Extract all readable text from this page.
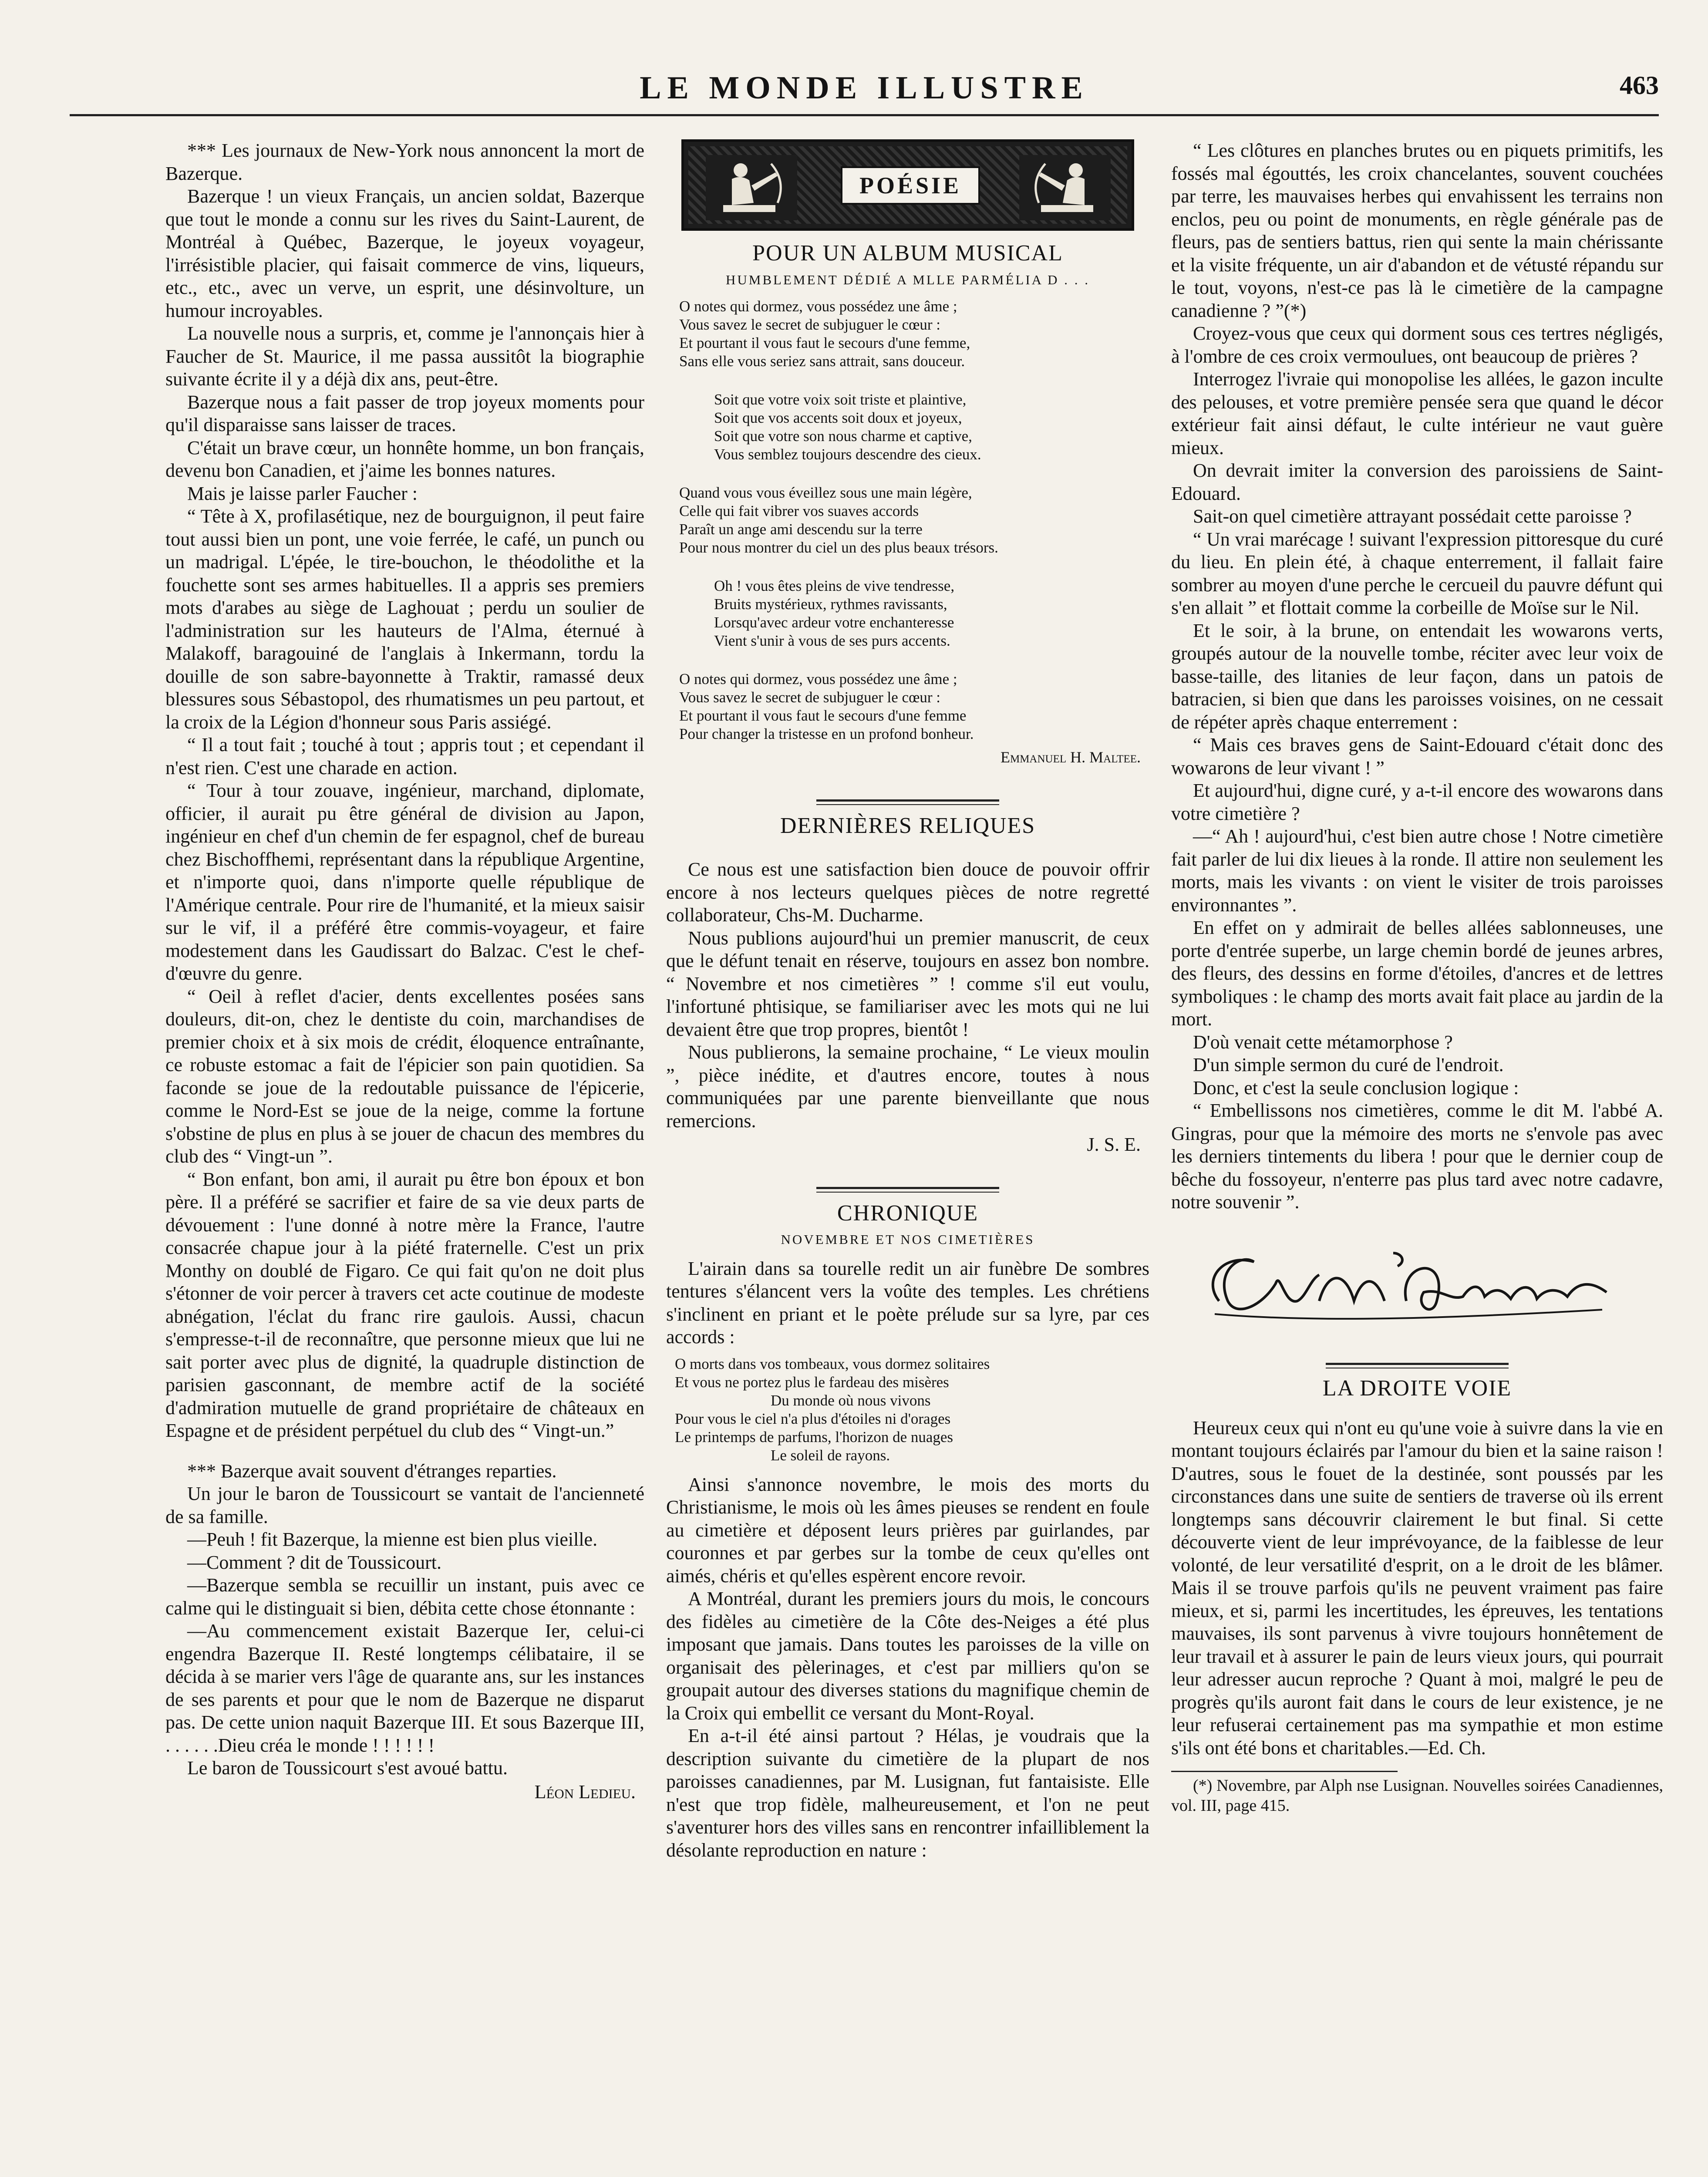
LE MONDE ILLUSTRE	463

*** Les journaux de New-York nous annoncent la mort de Bazerque.

Bazerque ! un vieux Français, un ancien soldat, Bazerque que tout le monde a connu sur les rives du Saint-Laurent, de Montréal à Québec, Bazerque, le joyeux voyageur, l'irrésistible placier, qui faisait commerce de vins, liqueurs, etc., etc., avec un verve, un esprit, une désinvolture, un humour incroyables.

La nouvelle nous a surpris, et, comme je l'annonçais hier à Faucher de St. Maurice, il me passa aussitôt la biographie suivante écrite il y a déjà dix ans, peut-être.

Bazerque nous a fait passer de trop joyeux moments pour qu'il disparaisse sans laisser de traces.

C'était un brave cœur, un honnête homme, un bon français, devenu bon Canadien, et j'aime les bonnes natures.

Mais je laisse parler Faucher :

“ Tête à X, profilasétique, nez de bourguignon, il peut faire tout aussi bien un pont, une voie ferrée, le café, un punch ou un madrigal. L'épée, le tire-bouchon, le théodolithe et la fouchette sont ses armes habituelles. Il a appris ses premiers mots d'arabes au siège de Laghouat ; perdu un soulier de l'administration sur les hauteurs de l'Alma, éternué à Malakoff, baragouiné de l'anglais à Inkermann, tordu la douille de son sabre-bayonnette à Traktir, ramassé deux blessures sous Sébastopol, des rhumatismes un peu partout, et la croix de la Légion d'honneur sous Paris assiégé.

“ Il a tout fait ; touché à tout ; appris tout ; et cependant il n'est rien. C'est une charade en action.

“ Tour à tour zouave, ingénieur, marchand, diplomate, officier, il aurait pu être général de division au Japon, ingénieur en chef d'un chemin de fer espagnol, chef de bureau chez Bischoffhemi, représentant dans la république Argentine, et n'importe quoi, dans n'importe quelle république de l'Amérique centrale. Pour rire de l'humanité, et la mieux saisir sur le vif, il a préféré être commis-voyageur, et faire modestement dans les Gaudissart do Balzac. C'est le chef-d'œuvre du genre.

“ Oeil à reflet d'acier, dents excellentes posées sans douleurs, dit-on, chez le dentiste du coin, marchandises de premier choix et à six mois de crédit, éloquence entraînante, ce robuste estomac a fait de l'épicier son pain quotidien. Sa faconde se joue de la redoutable puissance de l'épicerie, comme le Nord-Est se joue de la neige, comme la fortune s'obstine de plus en plus à se jouer de chacun des membres du club des “ Vingt-un ”.

“ Bon enfant, bon ami, il aurait pu être bon époux et bon père. Il a préféré se sacrifier et faire de sa vie deux parts de dévouement : l'une donné à notre mère la France, l'autre consacrée chapue jour à la piété fraternelle. C'est un prix Monthy on doublé de Figaro. Ce qui fait qu'on ne doit plus s'étonner de voir percer à travers cet acte coutinue de modeste abnégation, l'éclat du franc rire gaulois. Aussi, chacun s'empresse-t-il de reconnaître, que personne mieux que lui ne sait porter avec plus de dignité, la quadruple distinction de parisien gasconnant, de membre actif de la société d'admiration mutuelle de grand propriétaire de châteaux en Espagne et de président perpétuel du club des “ Vingt-un.”

*** Bazerque avait souvent d'étranges reparties.

Un jour le baron de Toussicourt se vantait de l'ancienneté de sa famille.

—Peuh ! fit Bazerque, la mienne est bien plus vieille.

—Comment ? dit de Toussicourt.

—Bazerque sembla se recuillir un instant, puis avec ce calme qui le distinguait si bien, débita cette chose étonnante :

—Au commencement existait Bazerque Ier, celui-ci engendra Bazerque II. Resté longtemps célibataire, il se décida à se marier vers l'âge de quarante ans, sur les instances de ses parents et pour que le nom de Bazerque ne disparut pas. De cette union naquit Bazerque III. Et sous Bazerque III, . . . . . .Dieu créa le monde ! ! ! ! ! !

Le baron de Toussicourt s'est avoué battu.

Léon Ledieu.
POÉSIE
POUR UN ALBUM MUSICAL
HUMBLEMENT DÉDIÉ A MLLE PARMÉLIA D . . .
O notes qui dormez, vous possédez une âme ;
Vous savez le secret de subjuguer le cœur :
Et pourtant il vous faut le secours d'une femme,
Sans elle vous seriez sans attrait, sans douceur.
Soit que votre voix soit triste et plaintive,
Soit que vos accents soit doux et joyeux,
Soit que votre son nous charme et captive,
Vous semblez toujours descendre des cieux.
Quand vous vous éveillez sous une main légère,
Celle qui fait vibrer vos suaves accords
Paraît un ange ami descendu sur la terre
Pour nous montrer du ciel un des plus beaux trésors.
Oh ! vous êtes pleins de vive tendresse,
Bruits mystérieux, rythmes ravissants,
Lorsqu'avec ardeur votre enchanteresse
Vient s'unir à vous de ses purs accents.
O notes qui dormez, vous possédez une âme ;
Vous savez le secret de subjuguer le cœur :
Et pourtant il vous faut le secours d'une femme
Pour changer la tristesse en un profond bonheur.
Emmanuel H. Maltee.
DERNIÈRES RELIQUES

Ce nous est une satisfaction bien douce de pouvoir offrir encore à nos lecteurs quelques pièces de notre regretté collaborateur, Chs-M. Ducharme.

Nous publions aujourd'hui un premier manuscrit, de ceux que le défunt tenait en réserve, toujours en assez bon nombre. “ Novembre et nos cimetières ” ! comme s'il eut voulu, l'infortuné phtisique, se familiariser avec les mots qui ne lui devaient être que trop propres, bientôt !

Nous publierons, la semaine prochaine, “ Le vieux moulin ”, pièce inédite, et d'autres encore, toutes à nous communiquées par une parente bienveillante que nous remercions.

J. S. E.
CHRONIQUE
NOVEMBRE ET NOS CIMETIÈRES

L'airain dans sa tourelle redit un air funèbre De sombres tentures s'élancent vers la voûte des temples. Les chrétiens s'inclinent en priant et le poète prélude sur sa lyre, par ces accords :

O morts dans vos tombeaux, vous dormez solitaires
Et vous ne portez plus le fardeau des misères
Du monde où nous vivons
Pour vous le ciel n'a plus d'étoiles ni d'orages
Le printemps de parfums, l'horizon de nuages
Le soleil de rayons.

Ainsi s'annonce novembre, le mois des morts du Christianisme, le mois où les âmes pieuses se rendent en foule au cimetière et déposent leurs prières par guirlandes, par couronnes et par gerbes sur la tombe de ceux qu'elles ont aimés, chéris et qu'elles espèrent encore revoir.

A Montréal, durant les premiers jours du mois, le concours des fidèles au cimetière de la Côte des-Neiges a été plus imposant que jamais. Dans toutes les paroisses de la ville on organisait des pèlerinages, et c'est par milliers qu'on se groupait autour des diverses stations du magnifique chemin de la Croix qui embellit ce versant du Mont-Royal.

En a-t-il été ainsi partout ? Hélas, je voudrais que la description suivante du cimetière de la plupart de nos paroisses canadiennes, par M. Lusignan, fut fantaisiste. Elle n'est que trop fidèle, malheureusement, et l'on ne peut s'aventurer hors des villes sans en rencontrer infailliblement la désolante reproduction en nature :

“ Les clôtures en planches brutes ou en piquets primitifs, les fossés mal égouttés, les croix chancelantes, souvent couchées par terre, les mauvaises herbes qui envahissent les terrains non enclos, peu ou point de monuments, en règle générale pas de fleurs, pas de sentiers battus, rien qui sente la main chérissante et la visite fréquente, un air d'abandon et de vétusté répandu sur le tout, voyons, n'est-ce pas là le cimetière de la campagne canadienne ? ”(*)

Croyez-vous que ceux qui dorment sous ces tertres négligés, à l'ombre de ces croix vermoulues, ont beaucoup de prières ?

Interrogez l'ivraie qui monopolise les allées, le gazon inculte des pelouses, et votre première pensée sera que quand le décor extérieur fait ainsi défaut, le culte intérieur ne vaut guère mieux.

On devrait imiter la conversion des paroissiens de Saint-Edouard.

Sait-on quel cimetière attrayant possédait cette paroisse ?

“ Un vrai marécage ! suivant l'expression pittoresque du curé du lieu. En plein été, à chaque enterrement, il fallait faire sombrer au moyen d'une perche le cercueil du pauvre défunt qui s'en allait ” et flottait comme la corbeille de Moïse sur le Nil.

Et le soir, à la brune, on entendait les wowarons verts, groupés autour de la nouvelle tombe, réciter avec leur voix de basse-taille, des litanies de leur façon, dans un patois de batracien, si bien que dans les paroisses voisines, on ne cessait de répéter après chaque enterrement :

“ Mais ces braves gens de Saint-Edouard c'était donc des wowarons de leur vivant ! ”

Et aujourd'hui, digne curé, y a-t-il encore des wowarons dans votre cimetière ?

—“ Ah ! aujourd'hui, c'est bien autre chose ! Notre cimetière fait parler de lui dix lieues à la ronde. Il attire non seulement les morts, mais les vivants : on vient le visiter de trois paroisses environnantes ”.

En effet on y admirait de belles allées sablonneuses, une porte d'entrée superbe, un large chemin bordé de jeunes arbres, des fleurs, des dessins en forme d'étoiles, d'ancres et de lettres symboliques : le champ des morts avait fait place au jardin de la mort.

D'où venait cette métamorphose ?

D'un simple sermon du curé de l'endroit.

Donc, et c'est la seule conclusion logique :

“ Embellissons nos cimetières, comme le dit M. l'abbé A. Gingras, pour que la mémoire des morts ne s'envole pas avec les derniers tintements du libera ! pour que le dernier coup de bêche du fossoyeur, n'enterre pas plus tard avec notre cadavre, notre souvenir ”.

LA DROITE VOIE

Heureux ceux qui n'ont eu qu'une voie à suivre dans la vie en montant toujours éclairés par l'amour du bien et la saine raison ! D'autres, sous le fouet de la destinée, sont poussés par les circonstances dans une suite de sentiers de traverse où ils errent longtemps sans découvrir clairement le but final. Si cette découverte vient de leur imprévoyance, de la faiblesse de leur volonté, de leur versatilité d'esprit, on a le droit de les blâmer. Mais il se trouve parfois qu'ils ne peuvent vraiment pas faire mieux, et si, parmi les incertitudes, les épreuves, les tentations mauvaises, ils sont parvenus à vivre toujours honnêtement de leur travail et à assurer le pain de leurs vieux jours, qui pourrait leur adresser aucun reproche ? Quant à moi, malgré le peu de progrès qu'ils auront fait dans le cours de leur existence, je ne leur refuserai certainement pas ma sympathie et mon estime s'ils ont été bons et charitables.—Ed. Ch.

(*) Novembre, par Alph nse Lusignan. Nouvelles soirées Canadiennes, vol. III, page 415.
